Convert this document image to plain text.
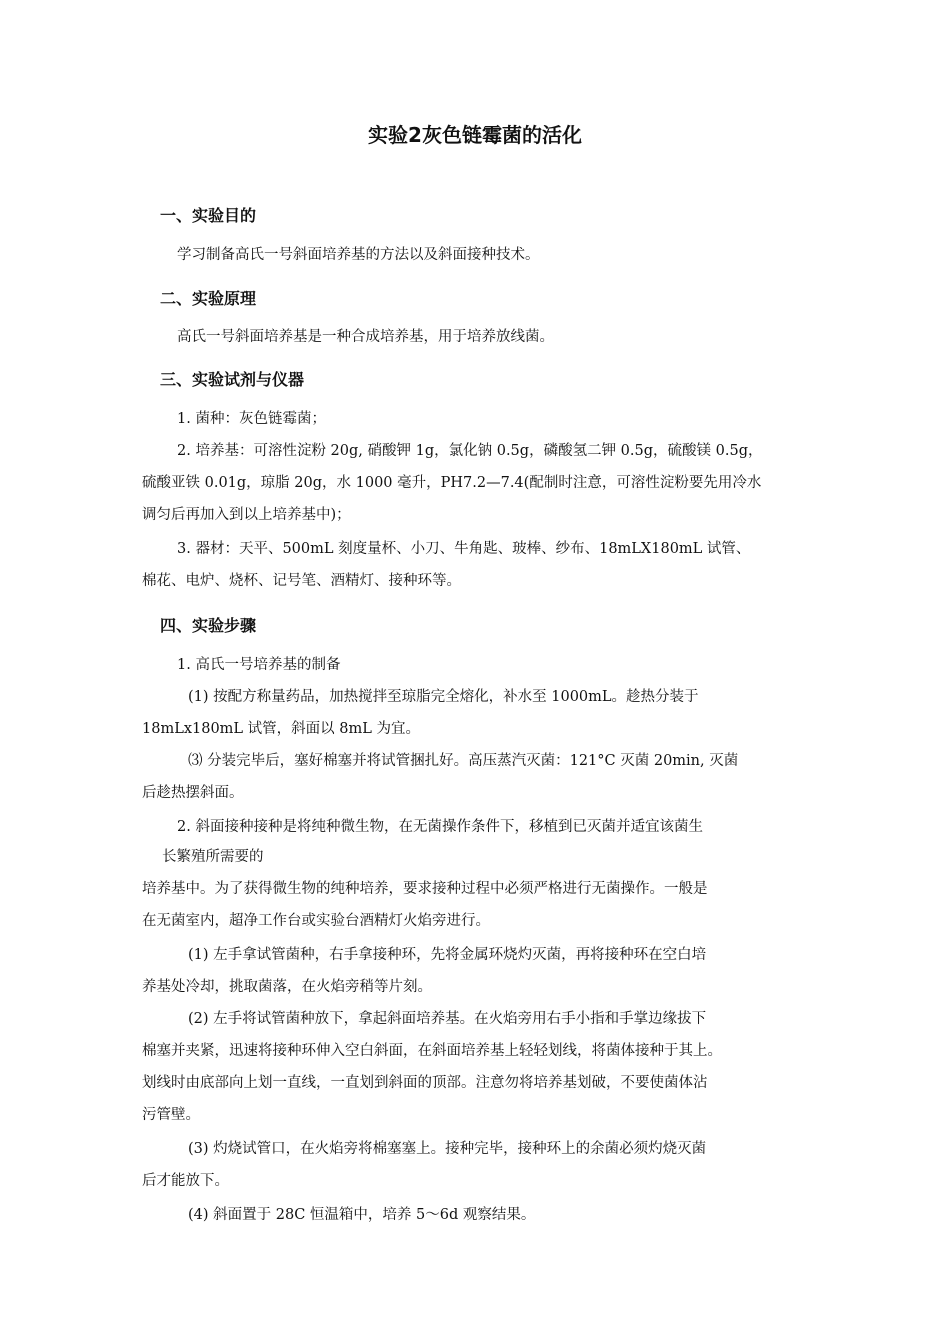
实验2灰色链霉菌的活化
一、实验目的
学习制备高氏一号斜面培养基的方法以及斜面接种技术。
二、实验原理
高氏一号斜面培养基是一种合成培养基，用于培养放线菌。
三、实验试剂与仪器
1. 菌种：灰色链霉菌；
2. 培养基：可溶性淀粉 20g, 硝酸钾 1g，氯化钠 0.5g，磷酸氢二钾 0.5g，硫酸镁 0.5g，
硫酸亚铁 0.01g，琼脂 20g，水 1000 毫升，PH7.2—7.4(配制时注意，可溶性淀粉要先用冷水
调匀后再加入到以上培养基中)；
3. 器材：天平、500mL 刻度量杯、小刀、牛角匙、玻棒、纱布、18mLX180mL 试管、
棉花、电炉、烧杯、记号笔、酒精灯、接种环等。
四、实验步骤
1. 高氏一号培养基的制备
(1) 按配方称量药品，加热搅拌至琼脂完全熔化，补水至 1000mL。趁热分装于
18mLx180mL 试管，斜面以 8mL 为宜。
⑶ 分装完毕后，塞好棉塞并将试管捆扎好。高压蒸汽灭菌：121°C 灭菌 20min, 灭菌
后趁热摆斜面。
2. 斜面接种接种是将纯种微生物，在无菌操作条件下，移植到已灭菌并适宜该菌生
长繁殖所需要的
培养基中。为了获得微生物的纯种培养，要求接种过程中必须严格进行无菌操作。一般是
在无菌室内，超净工作台或实验台酒精灯火焰旁进行。
(1) 左手拿试管菌种，右手拿接种环，先将金属环烧灼灭菌，再将接种环在空白培
养基处冷却，挑取菌落，在火焰旁稍等片刻。
(2) 左手将试管菌种放下，拿起斜面培养基。在火焰旁用右手小指和手掌边缘拔下
棉塞并夹紧，迅速将接种环伸入空白斜面，在斜面培养基上轻轻划线，将菌体接种于其上。
划线时由底部向上划一直线，一直划到斜面的顶部。注意勿将培养基划破，不要使菌体沾
污管壁。
(3) 灼烧试管口，在火焰旁将棉塞塞上。接种完毕，接种环上的余菌必须灼烧灭菌
后才能放下。
(4) 斜面置于 28C 恒温箱中，培养 5〜6d 观察结果。
